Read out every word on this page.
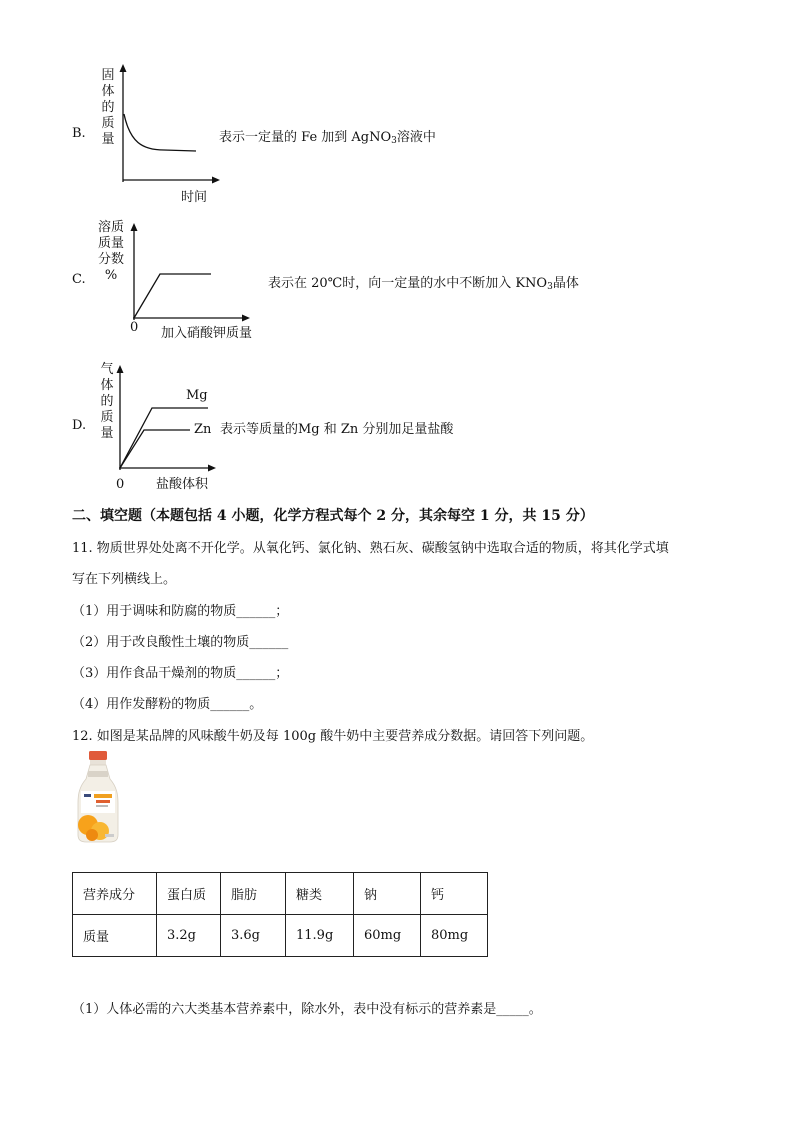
B.
固
体
的
质
量
时间
表示一定量的 Fe 加到 AgNO$_3$溶液中
C.
溶质
质量
分数
%
0 加入硝酸钾质量
表示在 20℃时，向一定量的水中不断加入 $KNO_3$晶体
D.
气
体
的
质
量
Mg
Zn
0 盐酸体积
表示等质量的Mg 和 Zn 分别加足量盐酸
二、填空题（本题包括 4 小题，化学方程式每个 2 分，其余每空 1 分，共 15 分）
11. 物质世界处处离不开化学。从氧化钙、氯化钠、熟石灰、碳酸氢钠中选取合适的物质，将其化学式填
写在下列横线上。
（1）用于调味和防腐的物质______；
（2）用于改良酸性土壤的物质______
（3）用作食品干燥剂的物质______；
（4）用作发酵粉的物质______。
12. 如图是某品牌的风味酸牛奶及每 100g 酸牛奶中主要营养成分数据。请回答下列问题。
营养成分	蛋白质	脂肪	糖类	钠	钙
质量	3.2g	3.6g	11.9g	60mg	80mg
（1）人体必需的六大类基本营养素中，除水外，表中没有标示的营养素是_____。
